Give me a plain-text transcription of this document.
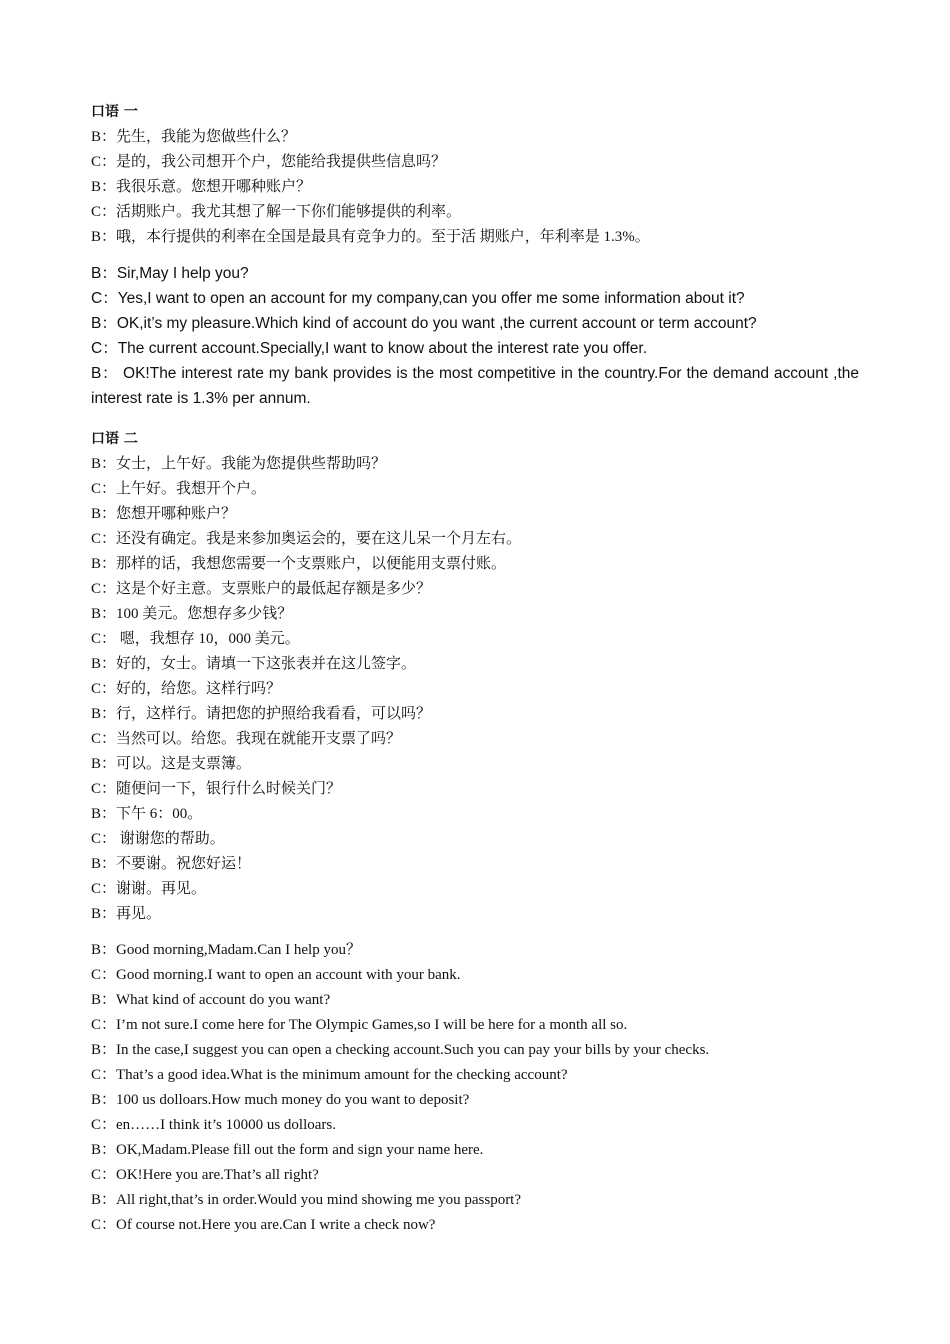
口语 一

B：先生，我能为您做些什么？

C：是的，我公司想开个户，您能给我提供些信息吗？

B：我很乐意。您想开哪种账户？

C：活期账户。我尤其想了解一下你们能够提供的利率。

B：哦，本行提供的利率在全国是最具有竞争力的。至于活 期账户，年利率是 1.3%。

B：Sir,May I help you?

C：Yes,I want to open an account for my company,can you offer me some information about it?

B：OK,it’s my pleasure.Which kind of account do you want ,the current account or term account?

C：The current account.Specially,I want to know about the interest rate you offer.

B： OK!The interest rate my bank provides is the most competitive in the country.For the demand account ,the interest rate is 1.3% per annum.

口语 二

B：女士，上午好。我能为您提供些帮助吗？

C：上午好。我想开个户。

B：您想开哪种账户？

C：还没有确定。我是来参加奥运会的，要在这儿呆一个月左右。

B：那样的话，我想您需要一个支票账户，以便能用支票付账。

C：这是个好主意。支票账户的最低起存额是多少？

B：100 美元。您想存多少钱？

C： 嗯，我想存 10，000 美元。

B：好的，女士。请填一下这张表并在这儿签字。

C：好的，给您。这样行吗？

B：行，这样行。请把您的护照给我看看，可以吗？

C：当然可以。给您。我现在就能开支票了吗？

B：可以。这是支票簿。

C：随便问一下，银行什么时候关门？

B：下午 6：00。

C： 谢谢您的帮助。

B：不要谢。祝您好运！

C：谢谢。再见。

B：再见。

B：Good morning,Madam.Can I help you？

C：Good morning.I want to open an account with your bank.

B：What kind of account do you want?

C：I’m not sure.I come here for The Olympic Games,so I will be here for a month all so.

B：In the case,I suggest you can open a checking account.Such you can pay your bills by your checks.

C：That’s a good idea.What is the minimum amount for the checking account?

B：100 us dolloars.How much money do you want to deposit?

C：en……I think it’s 10000 us dolloars.

B：OK,Madam.Please fill out the form and sign your name here.

C：OK!Here you are.That’s all right?

B：All right,that’s in order.Would you mind showing me you passport?

C：Of course not.Here you are.Can I write a check now?
